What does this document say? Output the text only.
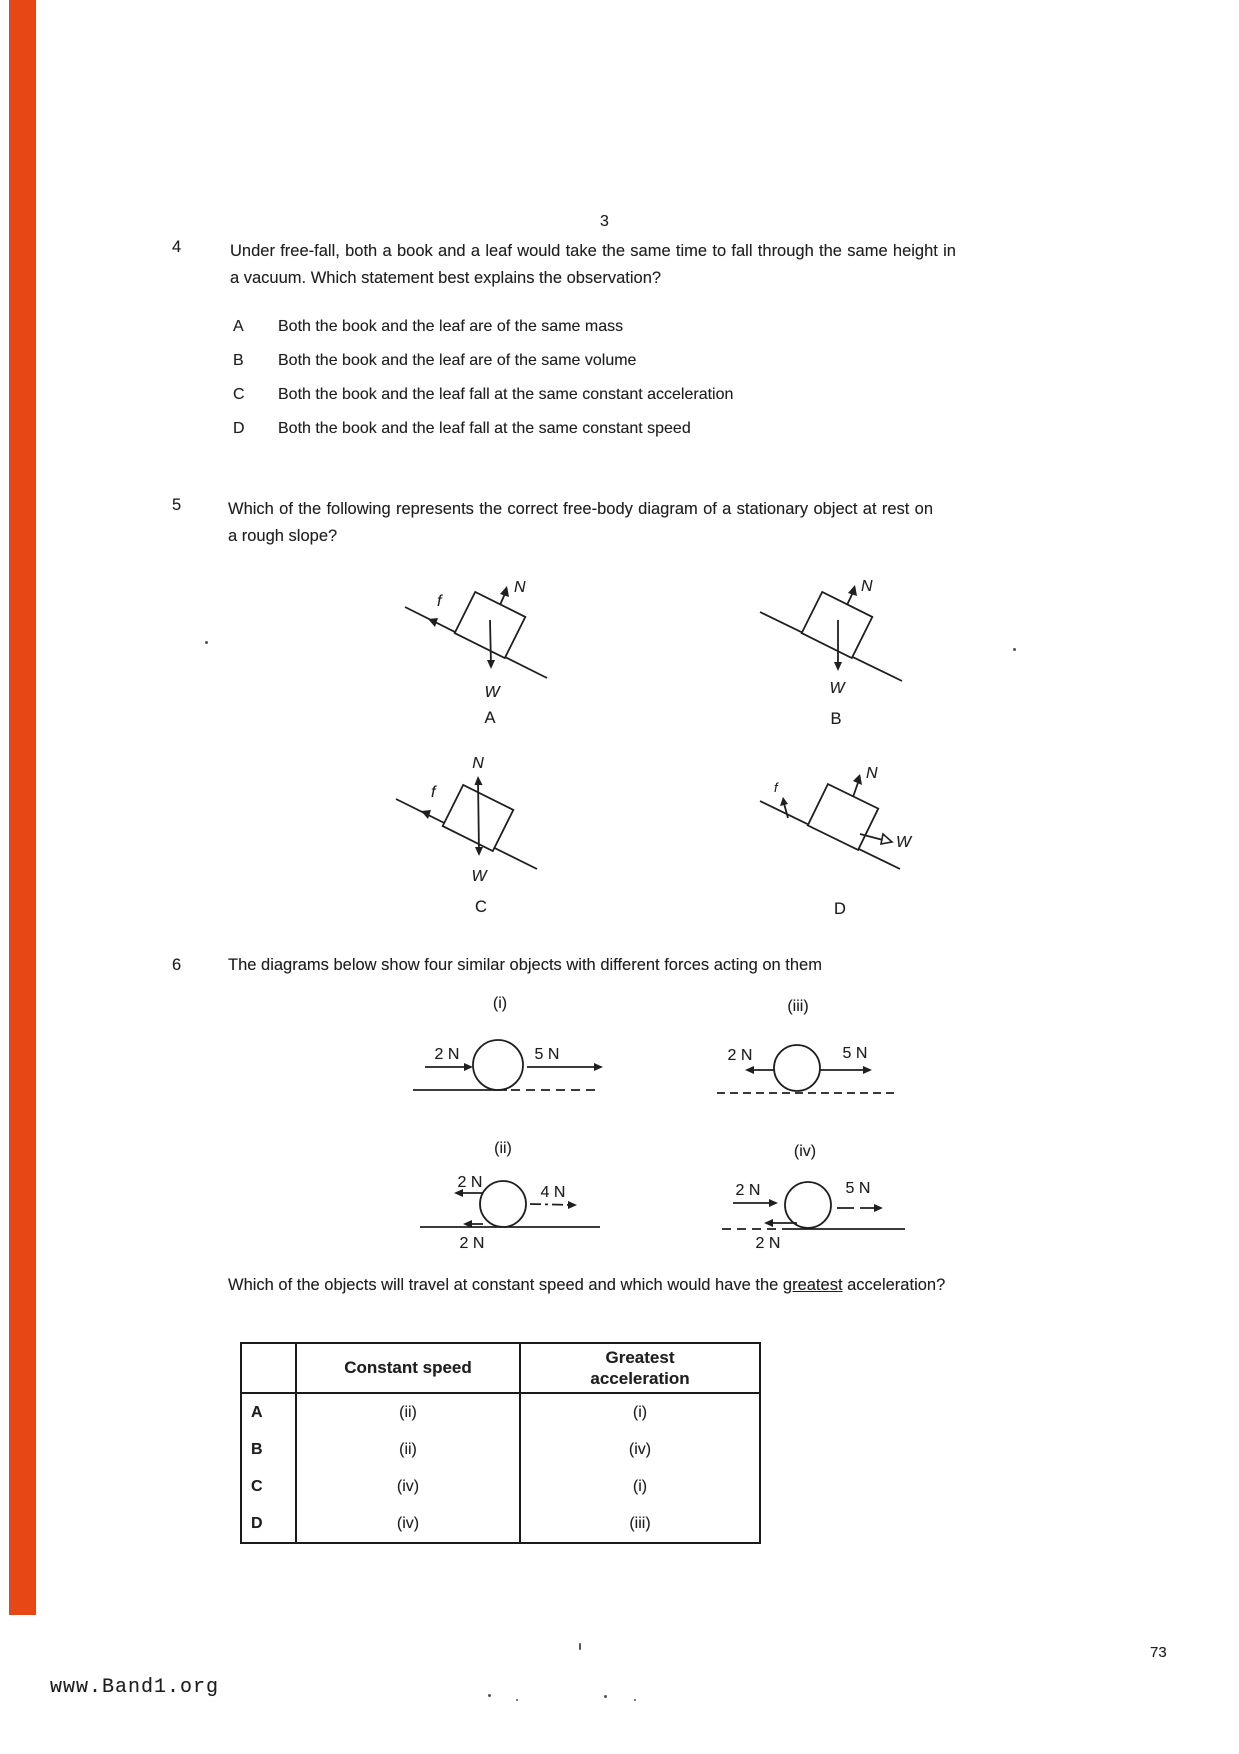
3
4	Under free-fall, both a book and a leaf would take the same time to fall through the same height in a vacuum. Which statement best explains the observation?
A	Both the book and the leaf are of the same mass
B	Both the book and the leaf are of the same volume
C	Both the book and the leaf fall at the same constant acceleration
D	Both the book and the leaf fall at the same constant speed
5	Which of the following represents the correct free-body diagram of a stationary object at rest on a rough slope?
f
N
W
A
N
W
B
f
N
W
C
f
N
W
D
6	The diagrams below show four similar objects with different forces acting on them
(i)
2 N	5 N
(iii)
2 N	5 N
(ii)
2 N
4 N
2 N
(iv)
2 N	5 N
2 N
Which of the objects will travel at constant speed and which would have the greatest acceleration?
Constant speed
Greatest acceleration
A	(ii)	(i)
B	(ii)	(iv)
C	(iv)	(i)
D	(iv)	(iii)
73
www.Band1.org
